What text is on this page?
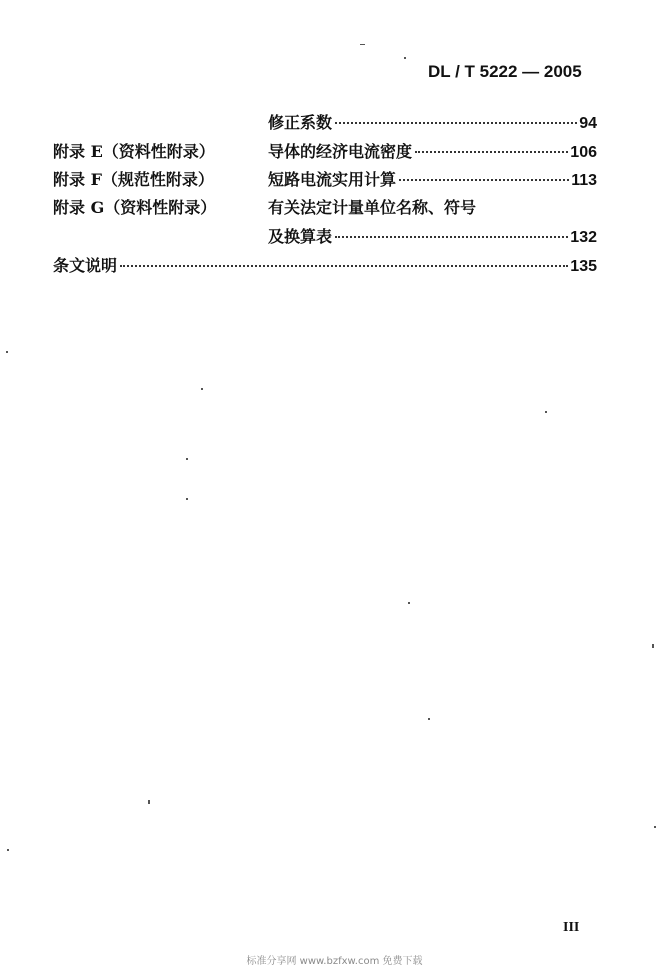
DL / T 5222 — 2005
修正系数	94
附录 E（资料性附录）	导体的经济电流密度	106
附录 F（规范性附录）	短路电流实用计算	113
附录 G（资料性附录）	有关法定计量单位名称、符号
及换算表	132
条文说明	135
III
标准分享网 www.bzfxw.com 免费下载
